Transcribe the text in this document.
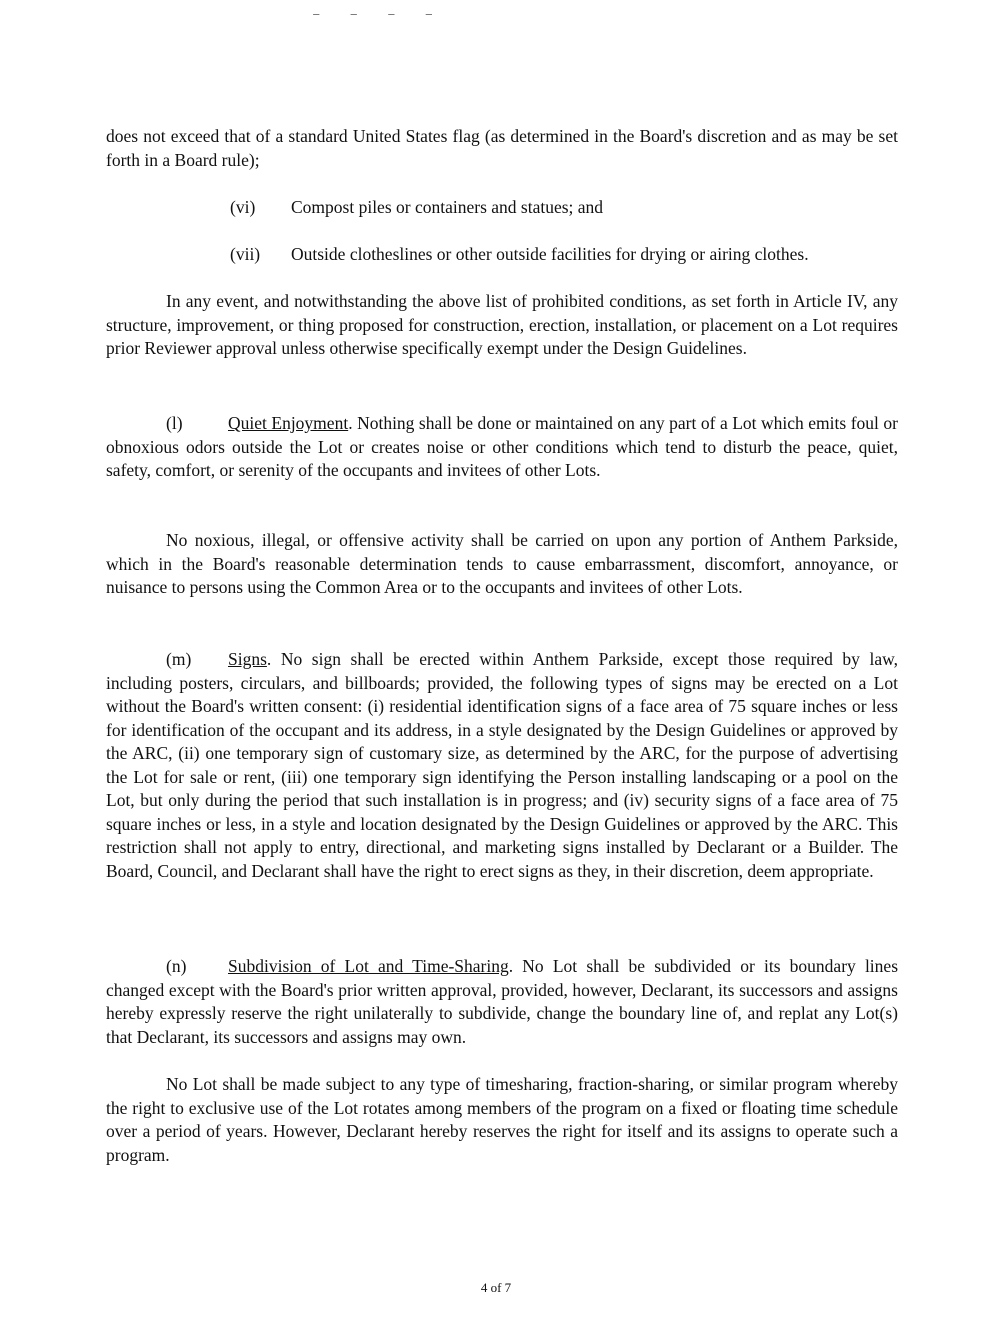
⁻ ⁻ ⁻ ⁻

does not exceed that of a standard United States flag (as determined in the Board's discretion and as may be set forth in a Board rule);

(vi) Compost piles or containers and statues; and
(vii) Outside clotheslines or other outside facilities for drying or airing clothes.

In any event, and notwithstanding the above list of prohibited conditions, as set forth in Article IV, any structure, improvement, or thing proposed for construction, erection, installation, or placement on a Lot requires prior Reviewer approval unless otherwise specifically exempt under the Design Guidelines.

(l)	Quiet Enjoyment. Nothing shall be done or maintained on any part of a Lot which emits foul or obnoxious odors outside the Lot or creates noise or other conditions which tend to disturb the peace, quiet, safety, comfort, or serenity of the occupants and invitees of other Lots.

No noxious, illegal, or offensive activity shall be carried on upon any portion of Anthem Parkside, which in the Board's reasonable determination tends to cause embarrassment, discomfort, annoyance, or nuisance to persons using the Common Area or to the occupants and invitees of other Lots.

(m) Signs. No sign shall be erected within Anthem Parkside, except those required by law, including posters, circulars, and billboards; provided, the following types of signs may be erected on a Lot without the Board's written consent: (i) residential identification signs of a face area of 75 square inches or less for identification of the occupant and its address, in a style designated by the Design Guidelines or approved by the ARC, (ii) one temporary sign of customary size, as determined by the ARC, for the purpose of advertising the Lot for sale or rent, (iii) one temporary sign identifying the Person installing landscaping or a pool on the Lot, but only during the period that such installation is in progress; and (iv) security signs of a face area of 75 square inches or less, in a style and location designated by the Design Guidelines or approved by the ARC. This restriction shall not apply to entry, directional, and marketing signs installed by Declarant or a Builder. The Board, Council, and Declarant shall have the right to erect signs as they, in their discretion, deem appropriate.

(n) Subdivision of Lot and Time-Sharing. No Lot shall be subdivided or its boundary lines changed except with the Board's prior written approval, provided, however, Declarant, its successors and assigns hereby expressly reserve the right unilaterally to subdivide, change the boundary line of, and replat any Lot(s) that Declarant, its successors and assigns may own.

No Lot shall be made subject to any type of timesharing, fraction-sharing, or similar program whereby the right to exclusive use of the Lot rotates among members of the program on a fixed or floating time schedule over a period of years. However, Declarant hereby reserves the right for itself and its assigns to operate such a program.

4 of 7
